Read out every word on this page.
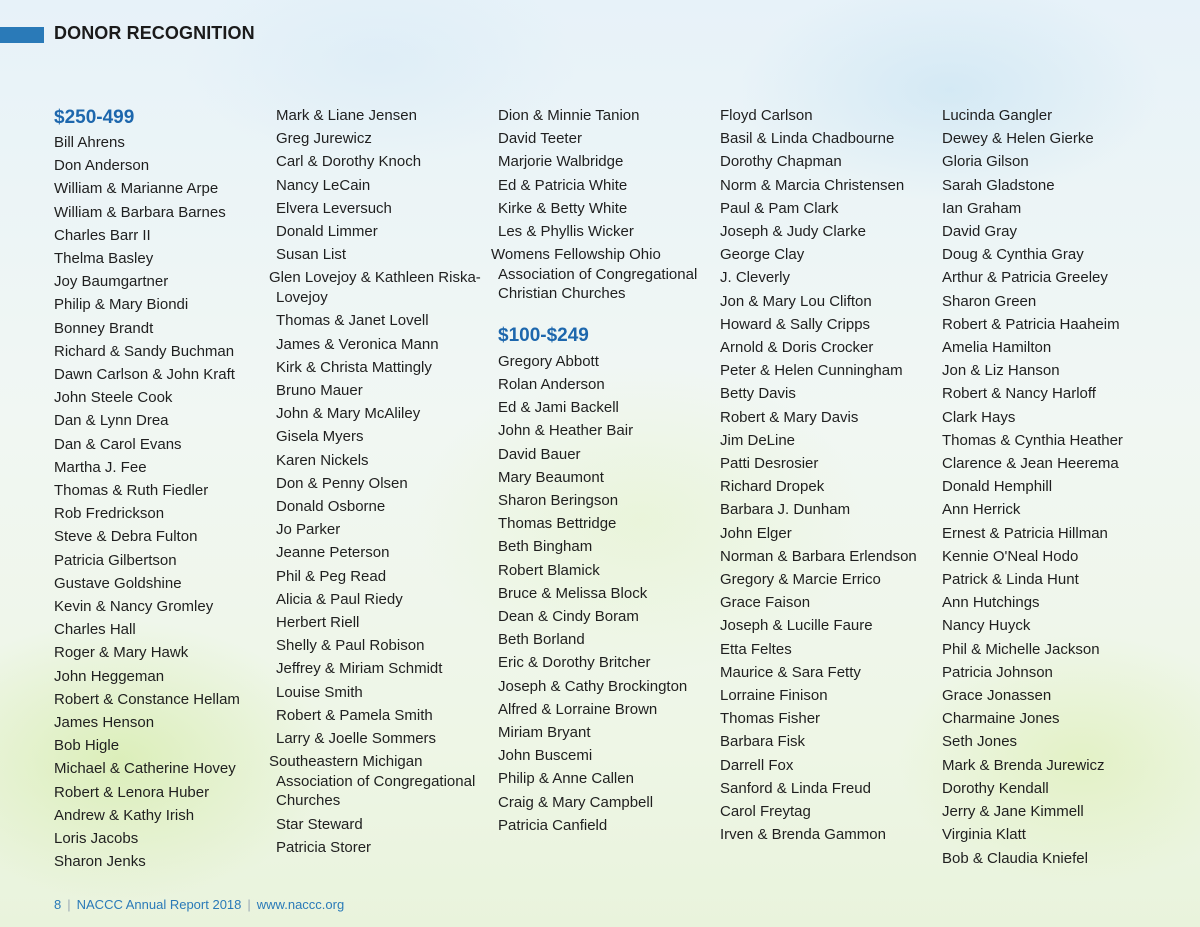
DONOR RECOGNITION
$250-499
Bill Ahrens
Don Anderson
William & Marianne Arpe
William & Barbara Barnes
Charles Barr II
Thelma Basley
Joy Baumgartner
Philip & Mary Biondi
Bonney Brandt
Richard & Sandy Buchman
Dawn Carlson & John Kraft
John Steele Cook
Dan & Lynn Drea
Dan & Carol Evans
Martha J. Fee
Thomas & Ruth Fiedler
Rob Fredrickson
Steve & Debra Fulton
Patricia Gilbertson
Gustave Goldshine
Kevin & Nancy Gromley
Charles Hall
Roger & Mary Hawk
John Heggeman
Robert & Constance Hellam
James Henson
Bob Higle
Michael & Catherine Hovey
Robert & Lenora Huber
Andrew & Kathy Irish
Loris Jacobs
Sharon Jenks
Mark & Liane Jensen
Greg Jurewicz
Carl & Dorothy Knoch
Nancy LeCain
Elvera Leversuch
Donald Limmer
Susan List
Glen Lovejoy & Kathleen Riska-Lovejoy
Thomas & Janet Lovell
James & Veronica Mann
Kirk & Christa Mattingly
Bruno Mauer
John & Mary McAliley
Gisela Myers
Karen Nickels
Don & Penny Olsen
Donald Osborne
Jo Parker
Jeanne Peterson
Phil & Peg Read
Alicia & Paul Riedy
Herbert Riell
Shelly & Paul Robison
Jeffrey & Miriam Schmidt
Louise Smith
Robert & Pamela Smith
Larry & Joelle Sommers
Southeastern Michigan Association of Congregational Churches
Star Steward
Patricia Storer
Dion & Minnie Tanion
David Teeter
Marjorie Walbridge
Ed & Patricia White
Kirke & Betty White
Les & Phyllis Wicker
Womens Fellowship Ohio Association of Congregational Christian Churches
$100-$249
Gregory Abbott
Rolan Anderson
Ed & Jami Backell
John & Heather Bair
David Bauer
Mary Beaumont
Sharon Beringson
Thomas Bettridge
Beth Bingham
Robert Blamick
Bruce & Melissa Block
Dean & Cindy Boram
Beth Borland
Eric & Dorothy Britcher
Joseph & Cathy Brockington
Alfred & Lorraine Brown
Miriam Bryant
John Buscemi
Philip & Anne Callen
Craig & Mary Campbell
Patricia Canfield
Floyd Carlson
Basil & Linda Chadbourne
Dorothy Chapman
Norm & Marcia Christensen
Paul & Pam Clark
Joseph & Judy Clarke
George Clay
J. Cleverly
Jon & Mary Lou Clifton
Howard & Sally Cripps
Arnold & Doris Crocker
Peter & Helen Cunningham
Betty Davis
Robert & Mary Davis
Jim DeLine
Patti Desrosier
Richard Dropek
Barbara J. Dunham
John Elger
Norman & Barbara Erlendson
Gregory & Marcie Errico
Grace Faison
Joseph & Lucille Faure
Etta Feltes
Maurice & Sara Fetty
Lorraine Finison
Thomas Fisher
Barbara Fisk
Darrell Fox
Sanford & Linda Freud
Carol Freytag
Irven & Brenda Gammon
Lucinda Gangler
Dewey & Helen Gierke
Gloria Gilson
Sarah Gladstone
Ian Graham
David Gray
Doug & Cynthia Gray
Arthur & Patricia Greeley
Sharon Green
Robert & Patricia Haaheim
Amelia Hamilton
Jon & Liz Hanson
Robert & Nancy Harloff
Clark Hays
Thomas & Cynthia Heather
Clarence & Jean Heerema
Donald Hemphill
Ann Herrick
Ernest & Patricia Hillman
Kennie O'Neal Hodo
Patrick & Linda Hunt
Ann Hutchings
Nancy Huyck
Phil & Michelle Jackson
Patricia Johnson
Grace Jonassen
Charmaine Jones
Seth Jones
Mark & Brenda Jurewicz
Dorothy Kendall
Jerry & Jane Kimmell
Virginia Klatt
Bob & Claudia Kniefel
8 | NACCC Annual Report 2018 | www.naccc.org
